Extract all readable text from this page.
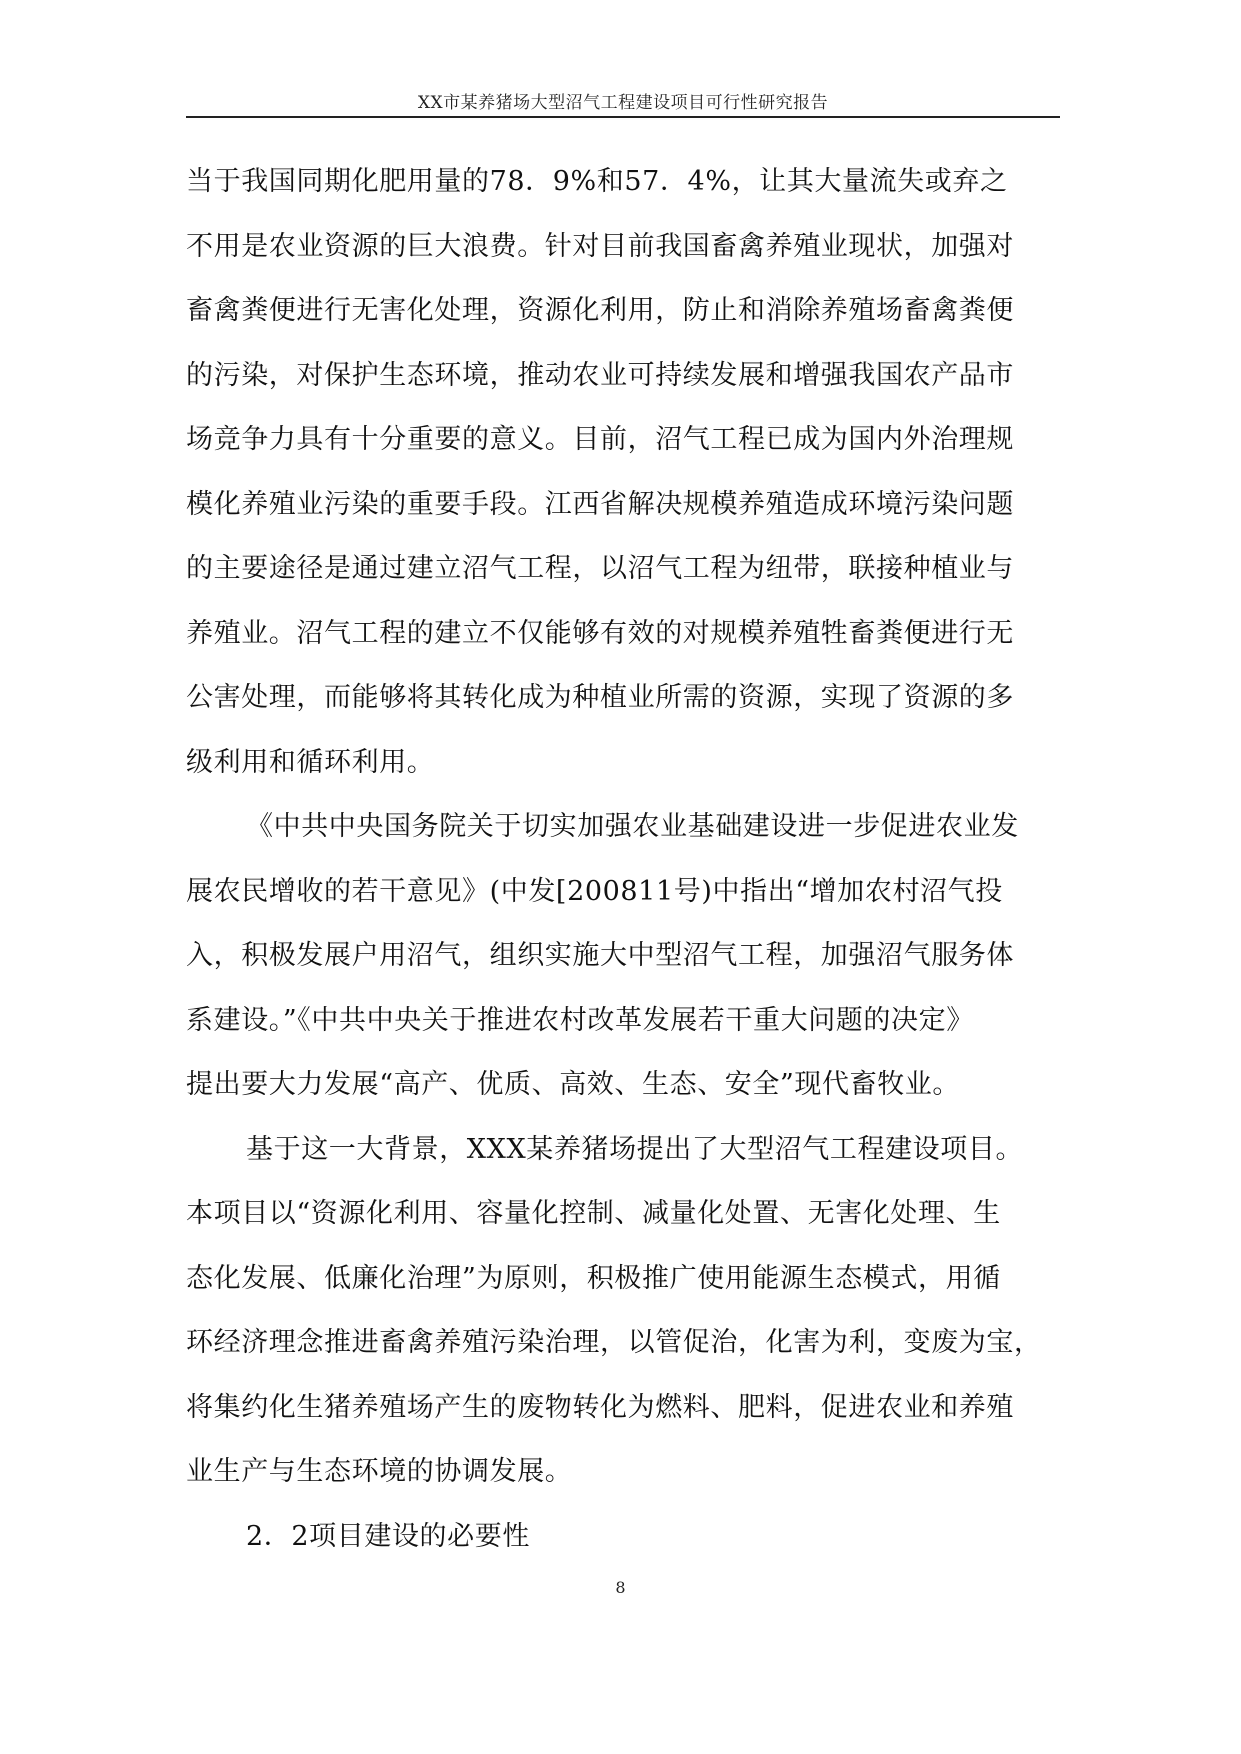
XX市某养猪场大型沼气工程建设项目可行性研究报告
当于我国同期化肥用量的78．9%和57．4%，让其大量流失或弃之
不用是农业资源的巨大浪费。针对目前我国畜禽养殖业现状，加强对
畜禽粪便进行无害化处理，资源化利用，防止和消除养殖场畜禽粪便
的污染，对保护生态环境，推动农业可持续发展和增强我国农产品市
场竞争力具有十分重要的意义。目前，沼气工程已成为国内外治理规
模化养殖业污染的重要手段。江西省解决规模养殖造成环境污染问题
的主要途径是通过建立沼气工程，以沼气工程为纽带，联接种植业与
养殖业。沼气工程的建立不仅能够有效的对规模养殖牲畜粪便进行无
公害处理，而能够将其转化成为种植业所需的资源，实现了资源的多
级利用和循环利用。
《中共中央国务院关于切实加强农业基础建设进一步促进农业发
展农民增收的若干意见》(中发[200811号)中指出“增加农村沼气投
入，积极发展户用沼气，组织实施大中型沼气工程，加强沼气服务体
系建设。”《中共中央关于推进农村改革发展若干重大问题的决定》
提出要大力发展“高产、优质、高效、生态、安全”现代畜牧业。
基于这一大背景，XXX某养猪场提出了大型沼气工程建设项目。
本项目以“资源化利用、容量化控制、减量化处置、无害化处理、生
态化发展、低廉化治理”为原则，积极推广使用能源生态模式，用循
环经济理念推进畜禽养殖污染治理，以管促治，化害为利，变废为宝，
将集约化生猪养殖场产生的废物转化为燃料、肥料，促进农业和养殖
业生产与生态环境的协调发展。
2．2项目建设的必要性
8
